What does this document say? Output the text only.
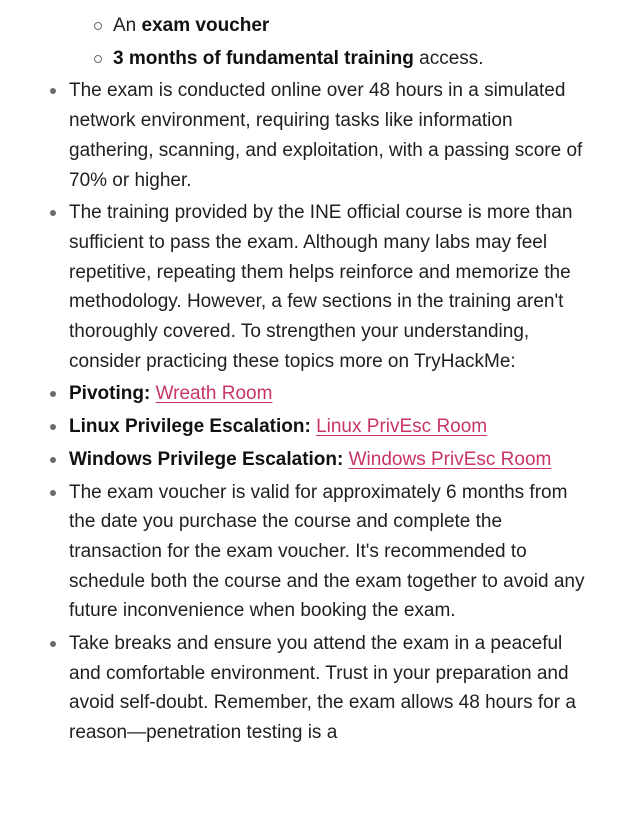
An exam voucher
3 months of fundamental training access.
The exam is conducted online over 48 hours in a simulated network environment, requiring tasks like information gathering, scanning, and exploitation, with a passing score of 70% or higher.
The training provided by the INE official course is more than sufficient to pass the exam. Although many labs may feel repetitive, repeating them helps reinforce and memorize the methodology. However, a few sections in the training aren't thoroughly covered. To strengthen your understanding, consider practicing these topics more on TryHackMe:
Pivoting: Wreath Room
Linux Privilege Escalation: Linux PrivEsc Room
Windows Privilege Escalation: Windows PrivEsc Room
The exam voucher is valid for approximately 6 months from the date you purchase the course and complete the transaction for the exam voucher. It's recommended to schedule both the course and the exam together to avoid any future inconvenience when booking the exam.
Take breaks and ensure you attend the exam in a peaceful and comfortable environment. Trust in your preparation and avoid self-doubt. Remember, the exam allows 48 hours for a reason—penetration testing is a
